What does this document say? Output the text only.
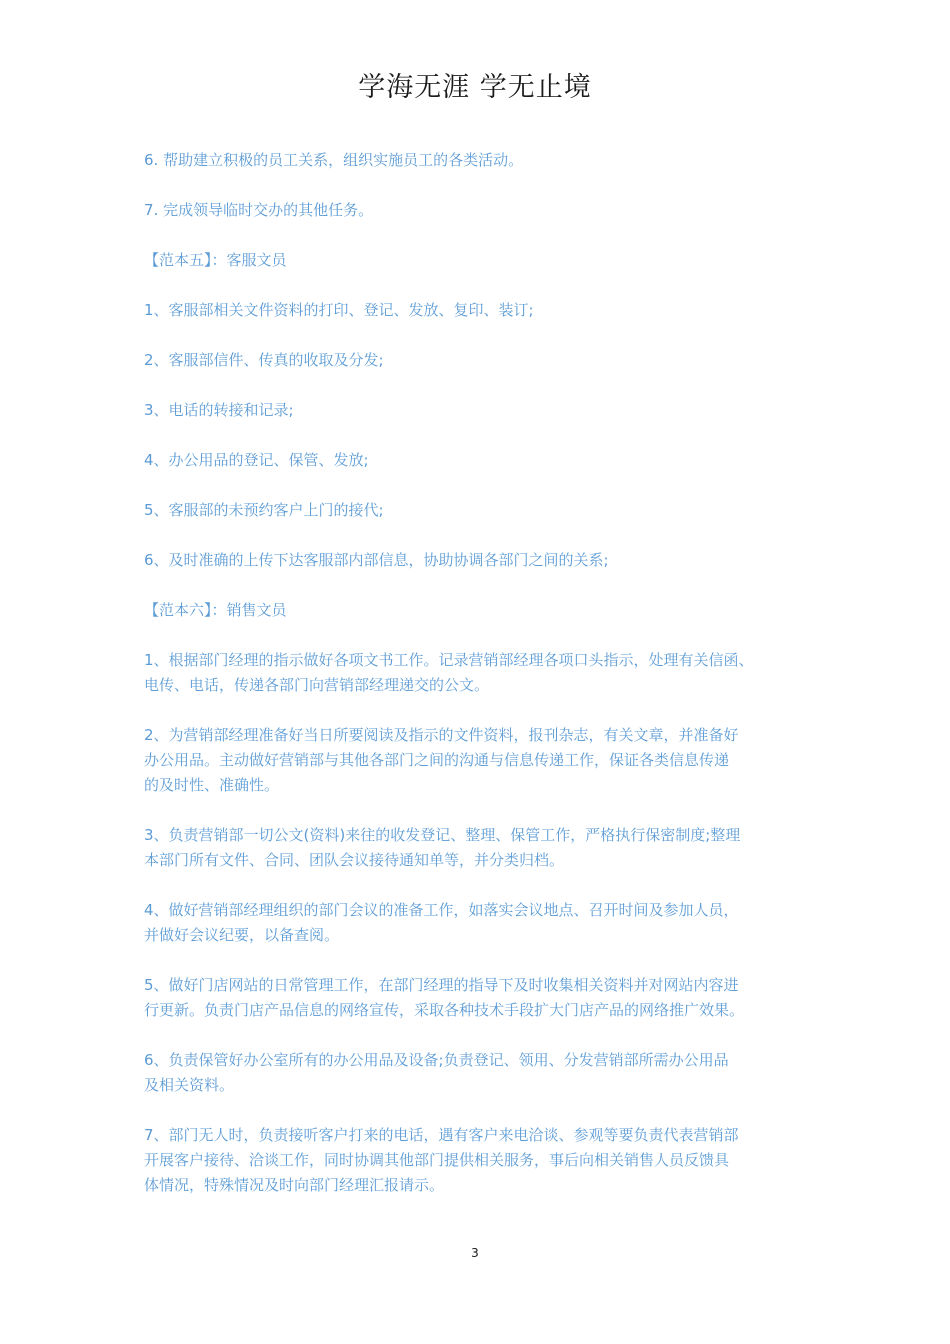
学海无涯 学无止境

6. 帮助建立积极的员工关系，组织实施员工的各类活动。

7. 完成领导临时交办的其他任务。

【范本五】：客服文员

1、客服部相关文件资料的打印、登记、发放、复印、装订;

2、客服部信件、传真的收取及分发;

3、电话的转接和记录;

4、办公用品的登记、保管、发放;

5、客服部的未预约客户上门的接代;

6、及时准确的上传下达客服部内部信息，协助协调各部门之间的关系;

【范本六】：销售文员

1、根据部门经理的指示做好各项文书工作。记录营销部经理各项口头指示，处理有关信函、
电传、电话，传递各部门向营销部经理递交的公文。

2、为营销部经理准备好当日所要阅读及指示的文件资料，报刊杂志，有关文章，并准备好
办公用品。主动做好营销部与其他各部门之间的沟通与信息传递工作，保证各类信息传递
的及时性、准确性。

3、负责营销部一切公文(资料)来往的收发登记、整理、保管工作，严格执行保密制度;整理
本部门所有文件、合同、团队会议接待通知单等，并分类归档。

4、做好营销部经理组织的部门会议的准备工作，如落实会议地点、召开时间及参加人员，
并做好会议纪要，以备查阅。

5、做好门店网站的日常管理工作，在部门经理的指导下及时收集相关资料并对网站内容进
行更新。负责门店产品信息的网络宣传，采取各种技术手段扩大门店产品的网络推广效果。

6、负责保管好办公室所有的办公用品及设备;负责登记、领用、分发营销部所需办公用品
及相关资料。

7、部门无人时，负责接听客户打来的电话，遇有客户来电洽谈、参观等要负责代表营销部
开展客户接待、洽谈工作，同时协调其他部门提供相关服务，事后向相关销售人员反馈具
体情况，特殊情况及时向部门经理汇报请示。

3
